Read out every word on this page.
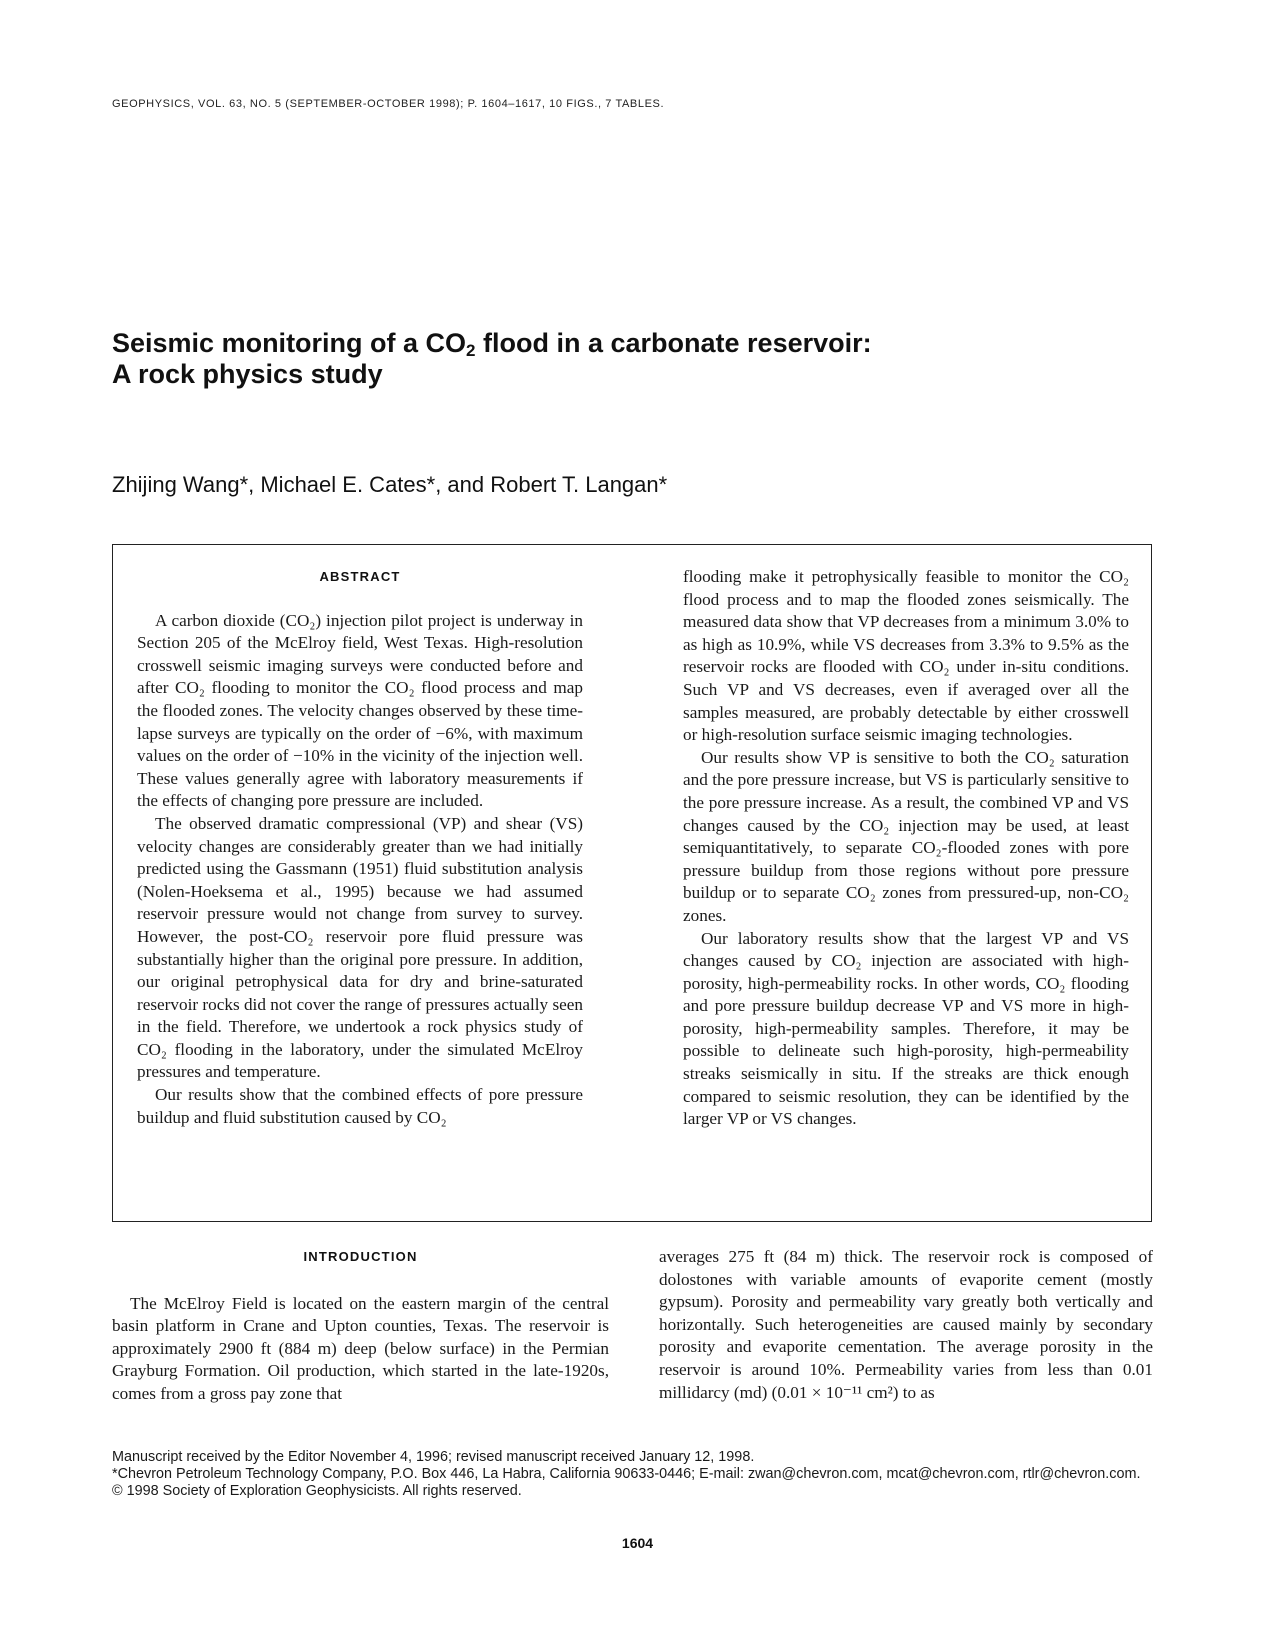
GEOPHYSICS, VOL. 63, NO. 5 (SEPTEMBER-OCTOBER 1998); P. 1604–1617, 10 FIGS., 7 TABLES.
Seismic monitoring of a $CO_2$ flood in a carbonate reservoir:
A rock physics study
Zhijing Wang*, Michael E. Cates*, and Robert T. Langan*
ABSTRACT

A carbon dioxide (CO₂) injection pilot project is underway in Section 205 of the McElroy field, West Texas. High-resolution crosswell seismic imaging surveys were conducted before and after CO₂ flooding to monitor the CO₂ flood process and map the flooded zones. The velocity changes observed by these time-lapse surveys are typically on the order of −6%, with maximum values on the order of −10% in the vicinity of the injection well. These values generally agree with laboratory measurements if the effects of changing pore pressure are included.

The observed dramatic compressional (VP) and shear (VS) velocity changes are considerably greater than we had initially predicted using the Gassmann (1951) fluid substitution analysis (Nolen-Hoeksema et al., 1995) because we had assumed reservoir pressure would not change from survey to survey. However, the post-CO₂ reservoir pore fluid pressure was substantially higher than the original pore pressure. In addition, our original petrophysical data for dry and brine-saturated reservoir rocks did not cover the range of pressures actually seen in the field. Therefore, we undertook a rock physics study of CO₂ flooding in the laboratory, under the simulated McElroy pressures and temperature.

Our results show that the combined effects of pore pressure buildup and fluid substitution caused by CO₂

flooding make it petrophysically feasible to monitor the CO₂ flood process and to map the flooded zones seismically. The measured data show that VP decreases from a minimum 3.0% to as high as 10.9%, while VS decreases from 3.3% to 9.5% as the reservoir rocks are flooded with CO₂ under in-situ conditions. Such VP and VS decreases, even if averaged over all the samples measured, are probably detectable by either crosswell or high-resolution surface seismic imaging technologies.

Our results show VP is sensitive to both the CO₂ saturation and the pore pressure increase, but VS is particularly sensitive to the pore pressure increase. As a result, the combined VP and VS changes caused by the CO₂ injection may be used, at least semiquantitatively, to separate CO₂-flooded zones with pore pressure buildup from those regions without pore pressure buildup or to separate CO₂ zones from pressured-up, non-CO₂ zones.

Our laboratory results show that the largest VP and VS changes caused by CO₂ injection are associated with high-porosity, high-permeability rocks. In other words, CO₂ flooding and pore pressure buildup decrease VP and VS more in high-porosity, high-permeability samples. Therefore, it may be possible to delineate such high-porosity, high-permeability streaks seismically in situ. If the streaks are thick enough compared to seismic resolution, they can be identified by the larger VP or VS changes.

INTRODUCTION

The McElroy Field is located on the eastern margin of the central basin platform in Crane and Upton counties, Texas. The reservoir is approximately 2900 ft (884 m) deep (below surface) in the Permian Grayburg Formation. Oil production, which started in the late-1920s, comes from a gross pay zone that

averages 275 ft (84 m) thick. The reservoir rock is composed of dolostones with variable amounts of evaporite cement (mostly gypsum). Porosity and permeability vary greatly both vertically and horizontally. Such heterogeneities are caused mainly by secondary porosity and evaporite cementation. The average porosity in the reservoir is around 10%. Permeability varies from less than 0.01 millidarcy (md) (0.01 × 10⁻¹¹ cm²) to as

Manuscript received by the Editor November 4, 1996; revised manuscript received January 12, 1998.
*Chevron Petroleum Technology Company, P.O. Box 446, La Habra, California 90633-0446; E-mail: zwan@chevron.com, mcat@chevron.com, rtlr@chevron.com.
© 1998 Society of Exploration Geophysicists. All rights reserved.
1604
